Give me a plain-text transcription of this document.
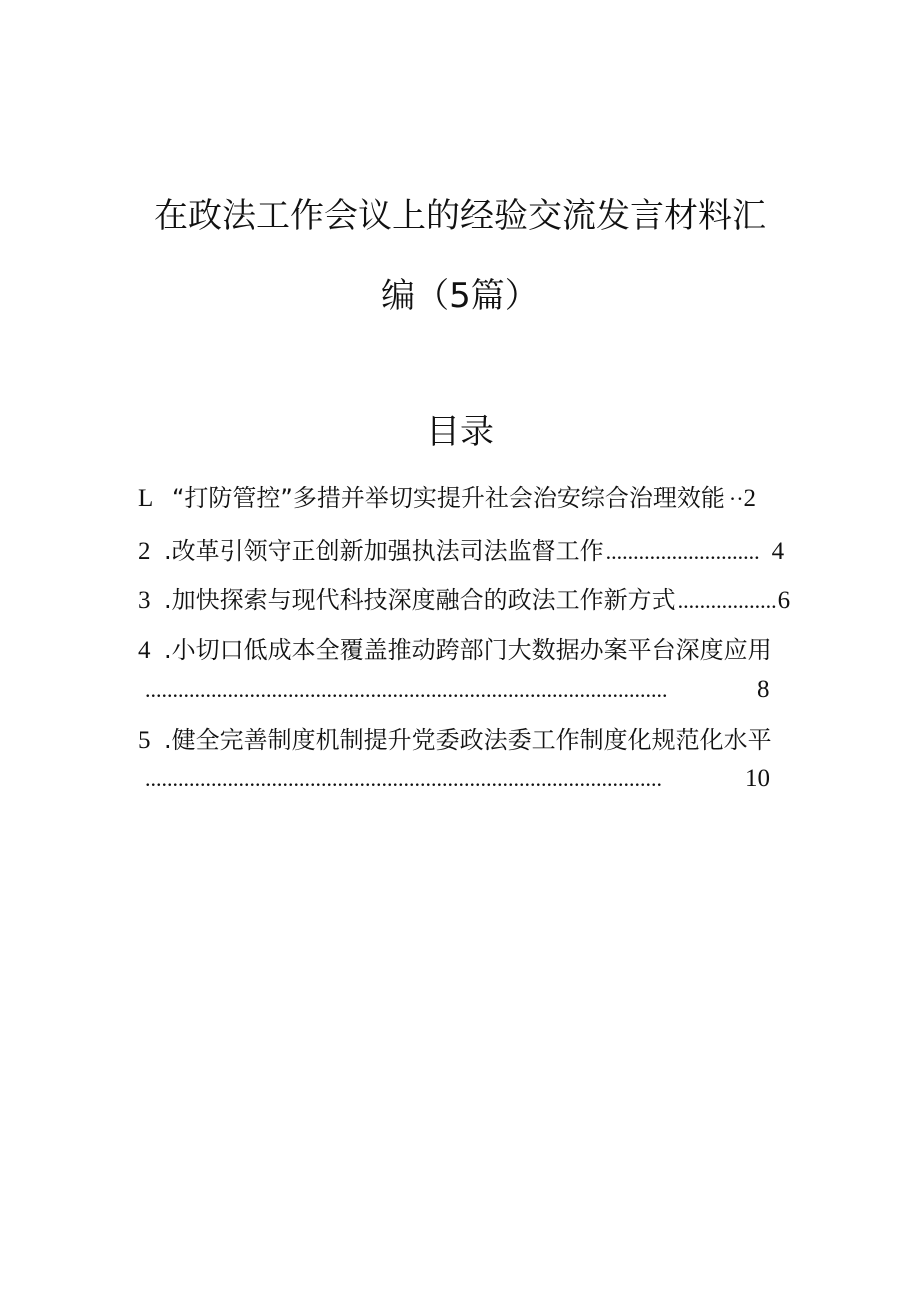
在政法工作会议上的经验交流发言材料汇
编（5篇）
目录
L “打防管控”多措并举切实提升社会治安综合治理效能 ·· 2
2 .改革引领守正创新加强执法司法监督工作 ............................ 4
3 .加快探索与现代科技深度融合的政法工作新方式 .................. 6
4 .小切口低成本全覆盖推动跨部门大数据办案平台深度应用
...............................................................................................	8
5 .健全完善制度机制提升党委政法委工作制度化规范化水平
..............................................................................................	10
